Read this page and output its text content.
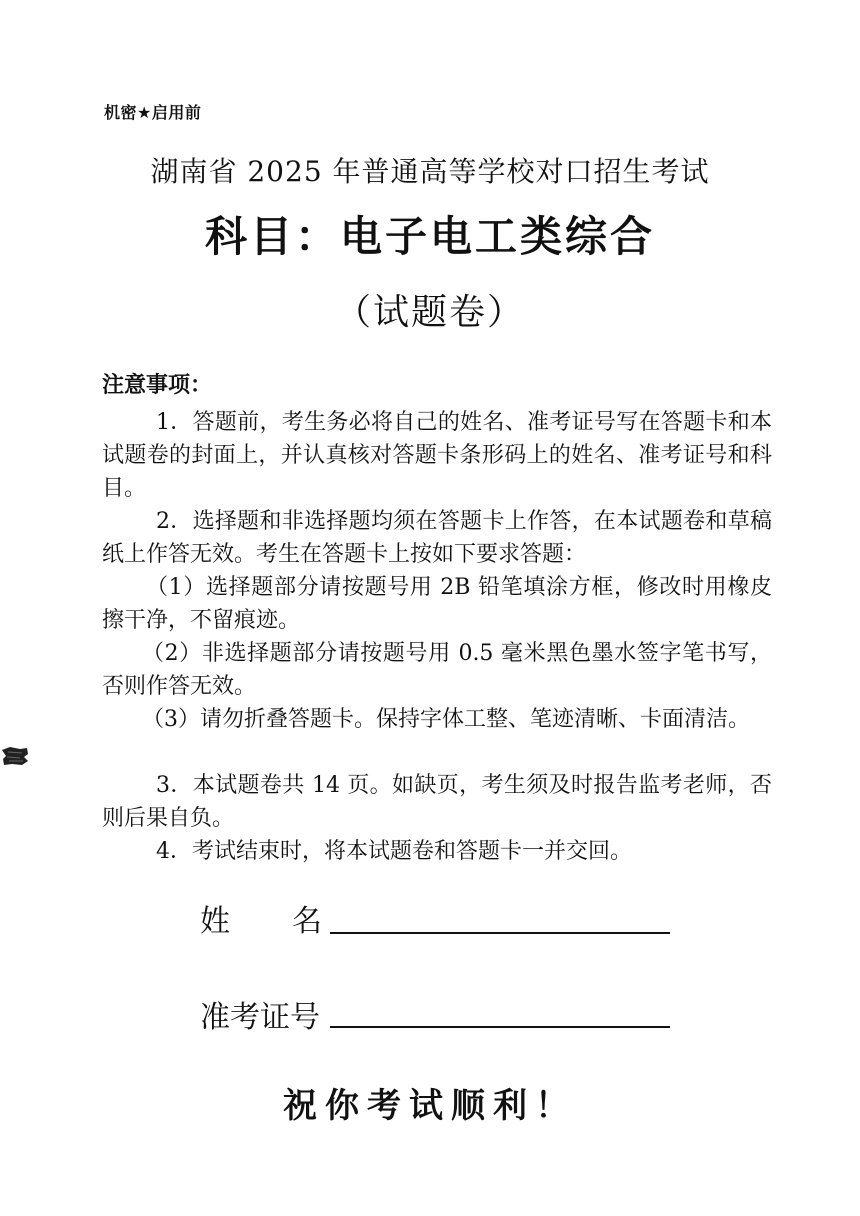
机密★启用前
湖南省 2025 年普通高等学校对口招生考试
科目：电子电工类综合
（试题卷）
注意事项：
1．答题前，考生务必将自己的姓名、准考证号写在答题卡和本试题卷的封面上，并认真核对答题卡条形码上的姓名、准考证号和科目。
2．选择题和非选择题均须在答题卡上作答，在本试题卷和草稿纸上作答无效。考生在答题卡上按如下要求答题：
（1）选择题部分请按题号用 2B 铅笔填涂方框，修改时用橡皮擦干净，不留痕迹。
（2）非选择题部分请按题号用 0.5 毫米黑色墨水签字笔书写，否则作答无效。
（3）请勿折叠答题卡。保持字体工整、笔迹清晰、卡面清洁。
3．本试题卷共 14 页。如缺页，考生须及时报告监考老师，否则后果自负。
4．考试结束时，将本试题卷和答题卡一并交回。
姓 名
准考证号
祝你考试顺利！
